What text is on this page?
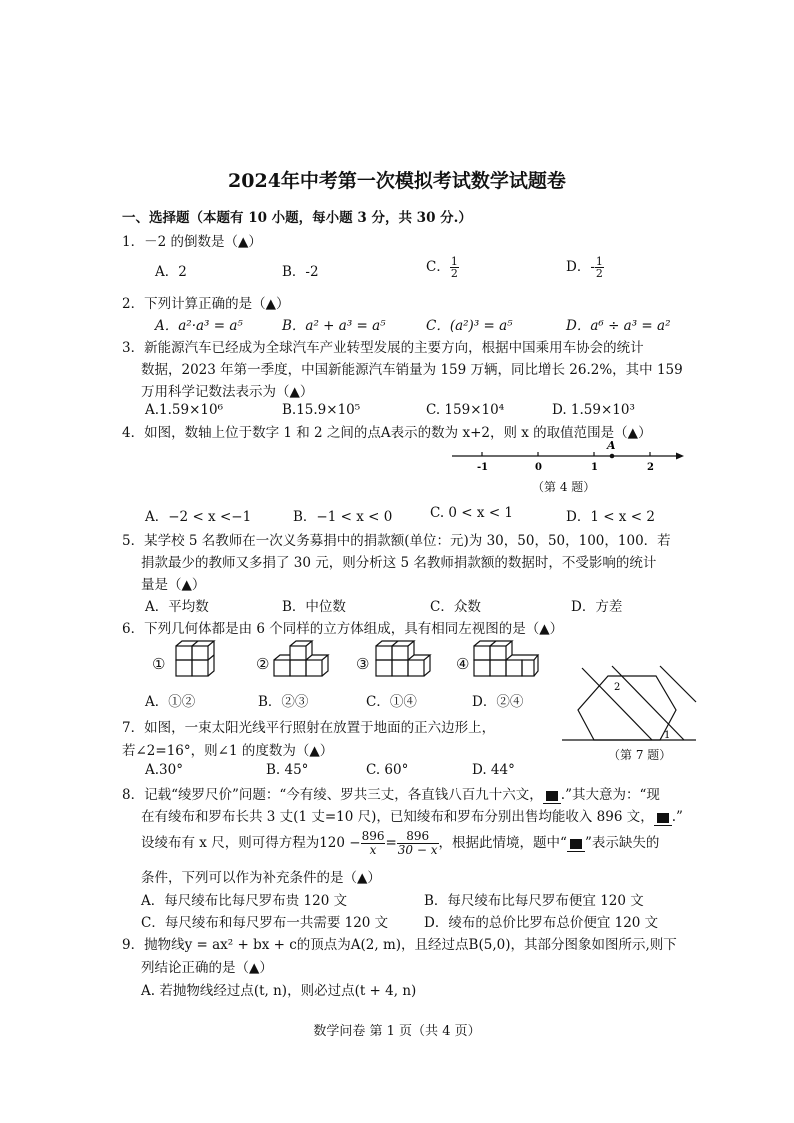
2024年中考第一次模拟考试数学试题卷
一、选择题（本题有 10 小题，每小题 3 分，共 30 分.）
1．－2 的倒数是（▲）
A．2	B．-2	C． $\frac{1}{2}$	D．- $\frac{1}{2}$
2．下列计算正确的是（▲）
A．a²·a³ = a⁵	B．a² + a³ = a⁵	C．(a²)³ = a⁵	D．a⁶ ÷ a³ = a²
3．新能源汽车已经成为全球汽车产业转型发展的主要方向，根据中国乘用车协会的统计
数据，2023 年第一季度，中国新能源汽车销量为 159 万辆，同比增长 26.2%，其中 159
万用科学记数法表示为（▲）
A.1.59×10⁶	B.15.9×10⁵	C. 159×10⁴	D. 1.59×10³
4．如图，数轴上位于数字 1 和 2 之间的点A表示的数为 x+2，则 x 的取值范围是（▲）
A
-1	0	1	2
（第 4 题）
A．−2 < x <−1	B．−1 < x < 0	C. 0 < x < 1	D．1 < x < 2
5．某学校 5 名教师在一次义务募捐中的捐款额(单位：元)为 30，50，50，100，100．若
捐款最少的教师又多捐了 30 元，则分析这 5 名教师捐款额的数据时，不受影响的统计
量是（▲）
A．平均数	B．中位数	C．众数	D．方差
6．下列几何体都是由 6 个同样的立方体组成，具有相同左视图的是（▲）
①	②	③	④
A．①②	B．②③	C．①④	D．②④
2
1
（第 7 题）
7．如图，一束太阳光线平行照射在放置于地面的正六边形上，
若∠2=16°，则∠1 的度数为（▲）
A.30°	B. 45°	C. 60°	D. 44°
8．记载“绫罗尺价”问题：“今有绫、罗共三丈，各直钱八百九十六文， .”其大意为：“现
在有绫布和罗布长共 3 丈(1 丈=10 尺)，已知绫布和罗布分别出售均能收入 896 文， .”
设绫布有 x 尺，则可得方程为$120 - \frac{896}{x} = \frac{896}{30 - x}$ ，根据此情境，题中“ ”表示缺失的
条件，下列可以作为补充条件的是（▲）
A．每尺绫布比每尺罗布贵 120 文	B．每尺绫布比每尺罗布便宜 120 文
C．每尺绫布和每尺罗布一共需要 120 文	D．绫布的总价比罗布总价便宜 120 文
9．抛物线y = ax² + bx + c的顶点为A(2, m)，且经过点B(5,0)，其部分图象如图所示,则下
列结论正确的是（▲）
A. 若抛物线经过点(t, n)，则必过点(t + 4, n)
数学问卷 第 1 页（共 4 页）
